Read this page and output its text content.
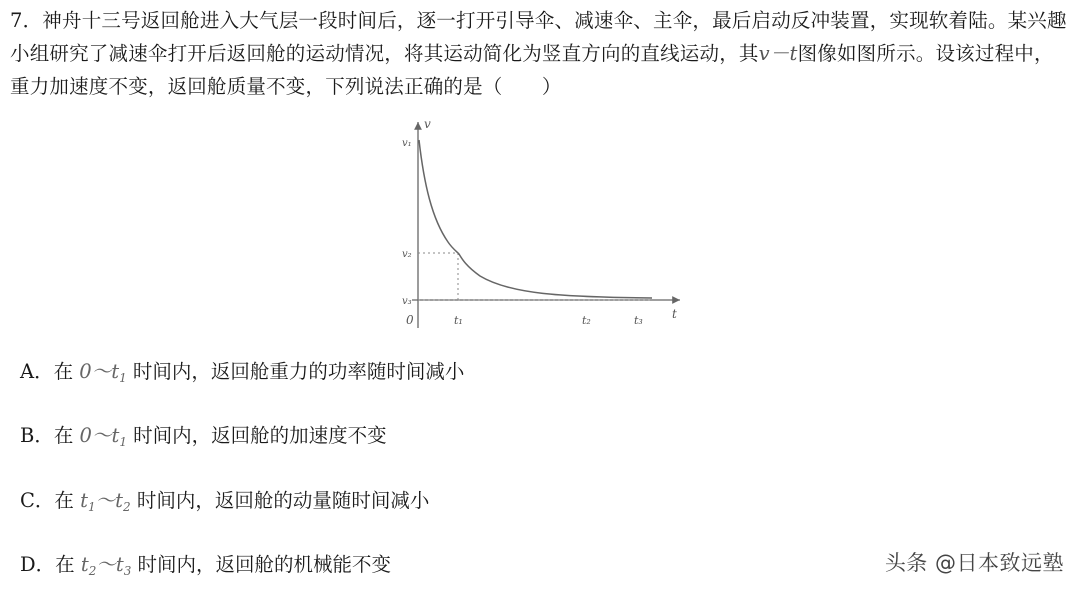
7．神舟十三号返回舱进入大气层一段时间后，逐一打开引导伞、减速伞、主伞，最后启动反冲装置，实现软着陆。某兴趣小组研究了减速伞打开后返回舱的运动情况，将其运动简化为竖直方向的直线运动，其v－t图像如图所示。设该过程中，重力加速度不变，返回舱质量不变，下列说法正确的是（　　）
v
v₁
v₂
v₃
0	t₁	t₂	t₃ t
A．在 $0\sim t_1$ 时间内，返回舱重力的功率随时间减小
B．在 $0\sim t_1$ 时间内，返回舱的加速度不变
C．在 $t_1\sim t_2$ 时间内，返回舱的动量随时间减小
D．在 $t_2\sim t_3$ 时间内，返回舱的机械能不变	头条 @日本致远塾
